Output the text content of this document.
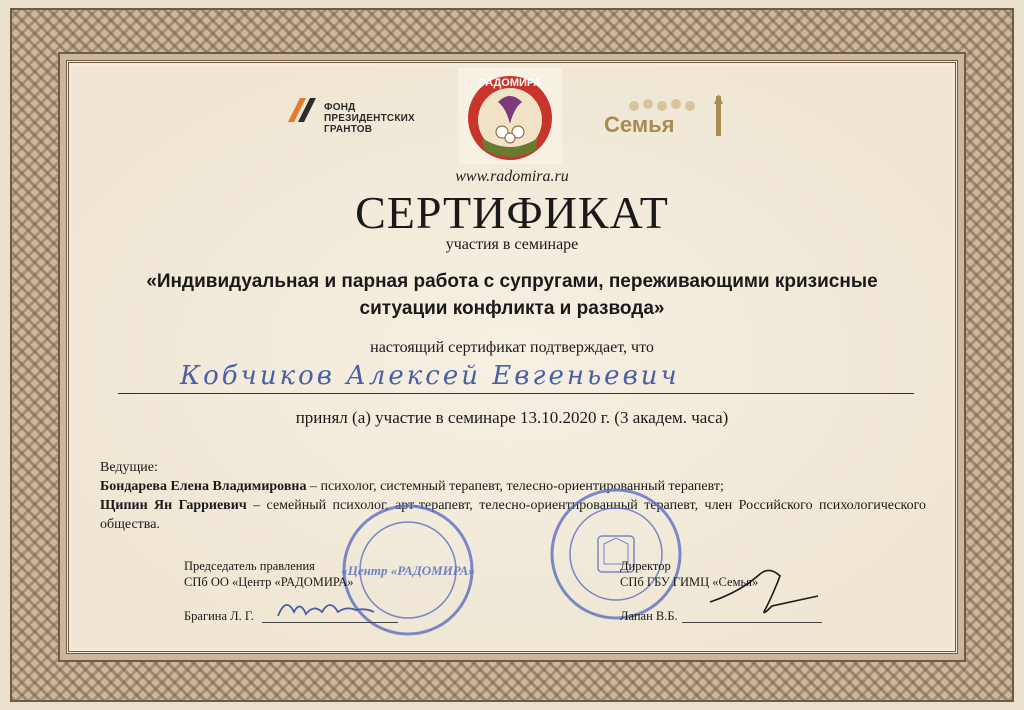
ФОНД
ПРЕЗИДЕНТСКИХ
ГРАНТОВ
РАДОМИРА
Семья
www.radomira.ru
СЕРТИФИКАТ
участия в семинаре
«Индивидуальная и парная работа с супругами, переживающими кризисные ситуации конфликта и развода»
настоящий сертификат подтверждает, что
Кобчиков Алексей Евгеньевич
принял (а) участие в семинаре 13.10.2020 г. (3 академ. часа)
Ведущие:
Бондарева Елена Владимировна – психолог, системный терапевт, телесно-ориентированный терапевт;
Щипин Ян Гарриевич – семейный психолог, арт-терапевт, телесно-ориентированный терапевт, член Российского психологического общества.
«Центр «РАДОМИРА»
Председатель правления
СПб ОО «Центр «РАДОМИРА»
Брагина Л. Г.
Директор
СПб ГБУ ГИМЦ «Семья»
Лапан В.Б.
